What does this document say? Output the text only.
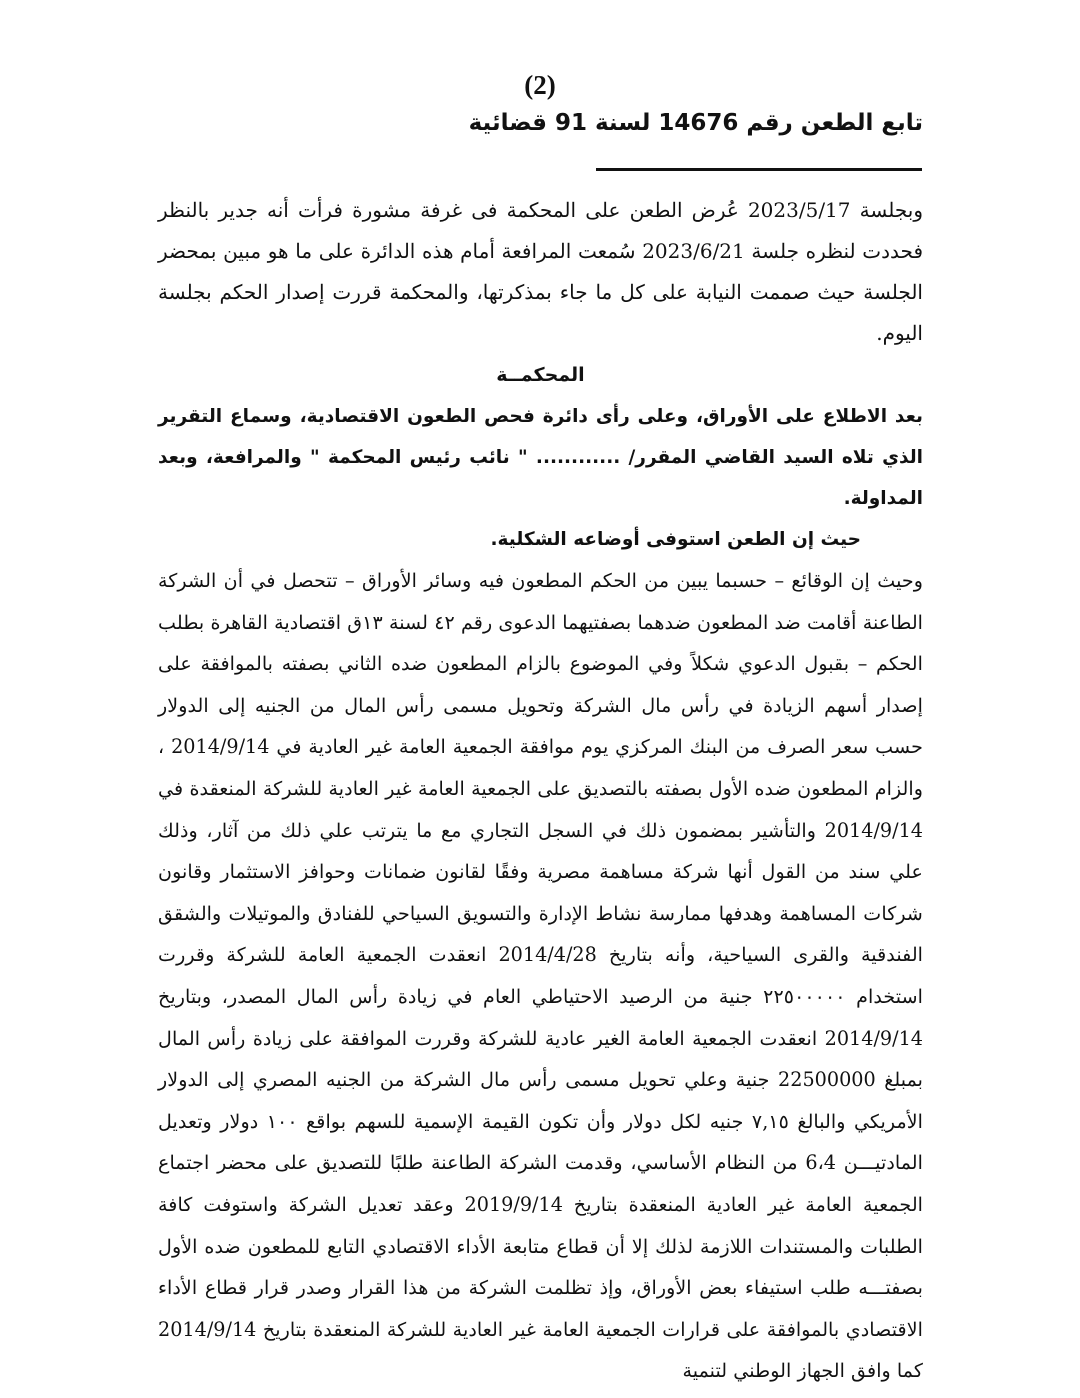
(2)
تابع الطعن رقم 14676 لسنة 91 قضائية

وبجلسة 2023/5/17 عُرض الطعن على المحكمة فى غرفة مشورة فرأت أنه جدير بالنظر فحددت لنظره جلسة 2023/6/21 سُمعت المرافعة أمام هذه الدائرة على ما هو مبين بمحضر الجلسة حيث صممت النيابة على كل ما جاء بمذكرتها، والمحكمة قررت إصدار الحكم بجلسة اليوم.

المحكمــة

بعد الاطلاع على الأوراق، وعلى رأى دائرة فحص الطعون الاقتصادية، وسماع التقرير الذي تلاه السيد القاضي المقرر/ ............ " نائب رئيس المحكمة " والمرافعة، وبعد المداولة.

حيث إن الطعن استوفى أوضاعه الشكلية.

وحيث إن الوقائع – حسبما يبين من الحكم المطعون فيه وسائر الأوراق – تتحصل في أن الشركة الطاعنة أقامت ضد المطعون ضدهما بصفتيهما الدعوى رقم ٤٢ لسنة ١٣ق اقتصادية القاهرة بطلب الحكم – بقبول الدعوي شكلاً وفي الموضوع بالزام المطعون ضده الثاني بصفته بالموافقة على إصدار أسهم الزيادة في رأس مال الشركة وتحويل مسمى رأس المال من الجنيه إلى الدولار حسب سعر الصرف من البنك المركزي يوم موافقة الجمعية العامة غير العادية في 2014/9/14 ، والزام المطعون ضده الأول بصفته بالتصديق على الجمعية العامة غير العادية للشركة المنعقدة في 2014/9/14 والتأشير بمضمون ذلك في السجل التجاري مع ما يترتب علي ذلك من آثار، وذلك علي سند من القول أنها شركة مساهمة مصرية وفقًا لقانون ضمانات وحوافز الاستثمار وقانون شركات المساهمة وهدفها ممارسة نشاط الإدارة والتسويق السياحي للفنادق والموتيلات والشقق الفندقية والقرى السياحية، وأنه بتاريخ 2014/4/28 انعقدت الجمعية العامة للشركة وقررت استخدام ٢٢٥٠٠٠٠٠ جنية من الرصيد الاحتياطي العام في زيادة رأس المال المصدر، وبتاريخ 2014/9/14 انعقدت الجمعية العامة الغير عادية للشركة وقررت الموافقة على زيادة رأس المال بمبلغ 22500000 جنية وعلي تحويل مسمى رأس مال الشركة من الجنيه المصري إلى الدولار الأمريكي والبالغ ٧,١٥ جنيه لكل دولار وأن تكون القيمة الإسمية للسهم بواقع ١٠٠ دولار وتعديل المادتيـــن 6،4 من النظام الأساسي، وقدمت الشركة الطاعنة طلبًا للتصديق على محضر اجتماع الجمعية العامة غير العادية المنعقدة بتاريخ 2019/9/14 وعقد تعديل الشركة واستوفت كافة الطلبات والمستندات اللازمة لذلك إلا أن قطاع متابعة الأداء الاقتصادي التابع للمطعون ضده الأول بصفتـــه طلب استيفاء بعض الأوراق، وإذ تظلمت الشركة من هذا القرار وصدر قرار قطاع الأداء الاقتصادي بالموافقة على قرارات الجمعية العامة غير العادية للشركة المنعقدة بتاريخ 2014/9/14 كما وافق الجهاز الوطني لتنمية
